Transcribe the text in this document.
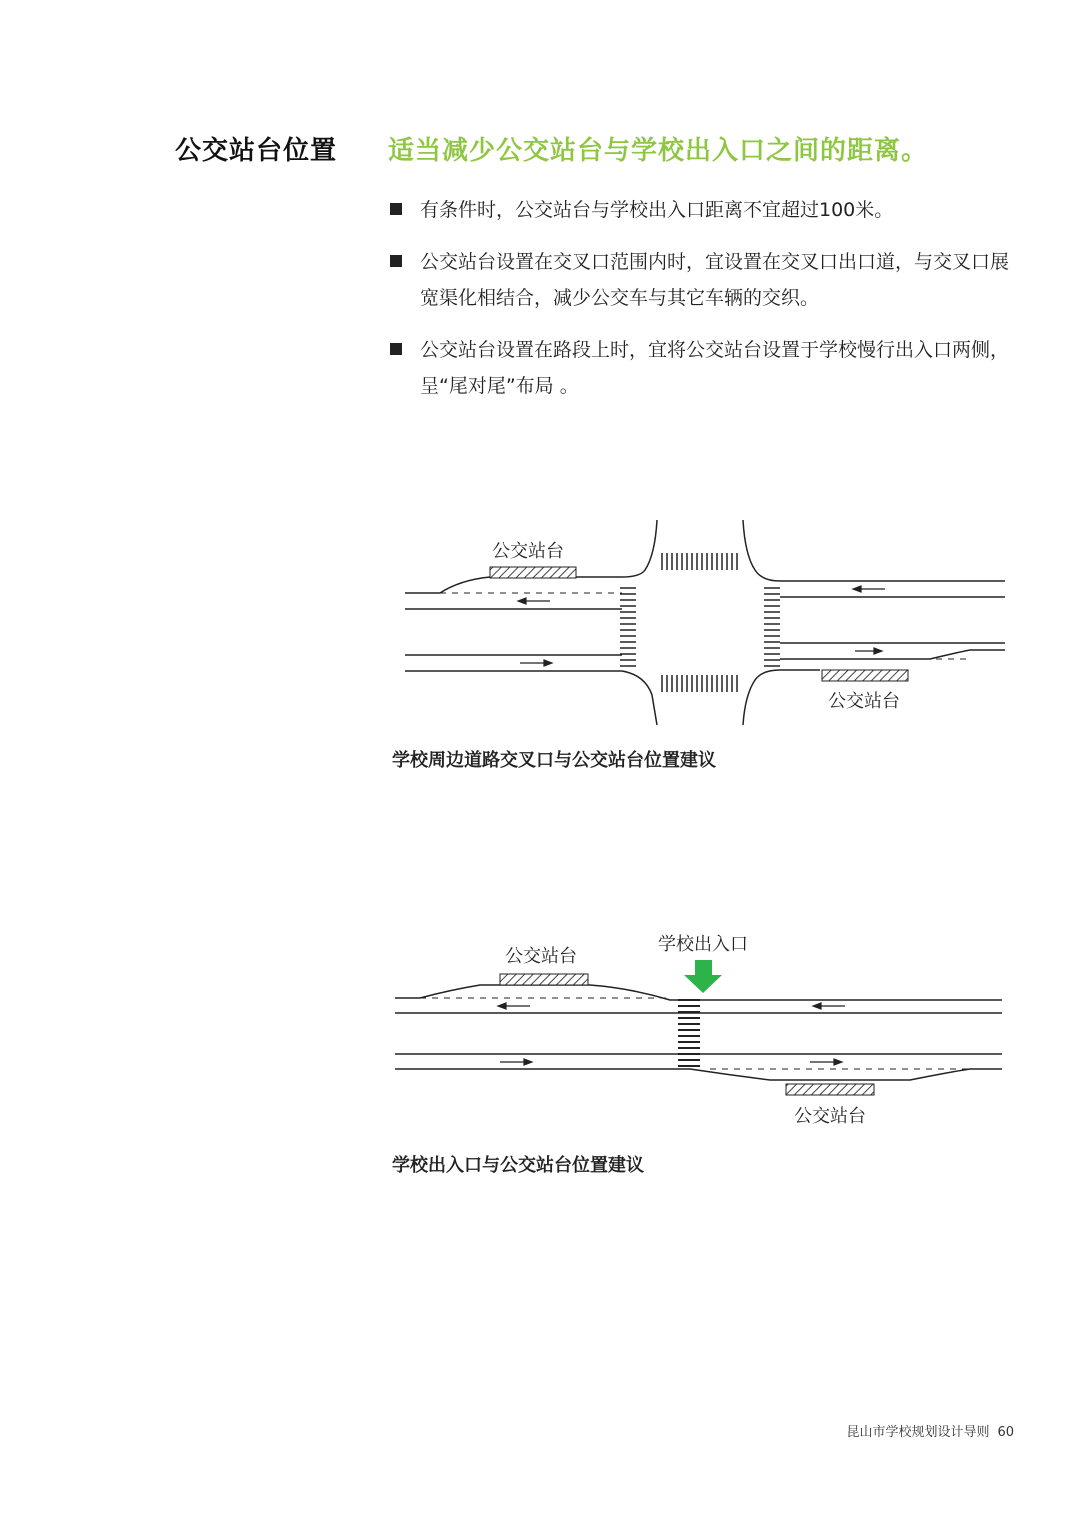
公交站台位置 适当减少公交站台与学校出入口之间的距离。
有条件时，公交站台与学校出入口距离不宜超过100米。
公交站台设置在交叉口范围内时，宜设置在交叉口出口道，与交叉口展宽渠化相结合，减少公交车与其它车辆的交织。
公交站台设置在路段上时，宜将公交站台设置于学校慢行出入口两侧，呈“尾对尾”布局 。
公交站台
公交站台
学校周边道路交叉口与公交站台位置建议
公交站台
学校出入口
公交站台
学校出入口与公交站台位置建议
昆山市学校规划设计导则 60
